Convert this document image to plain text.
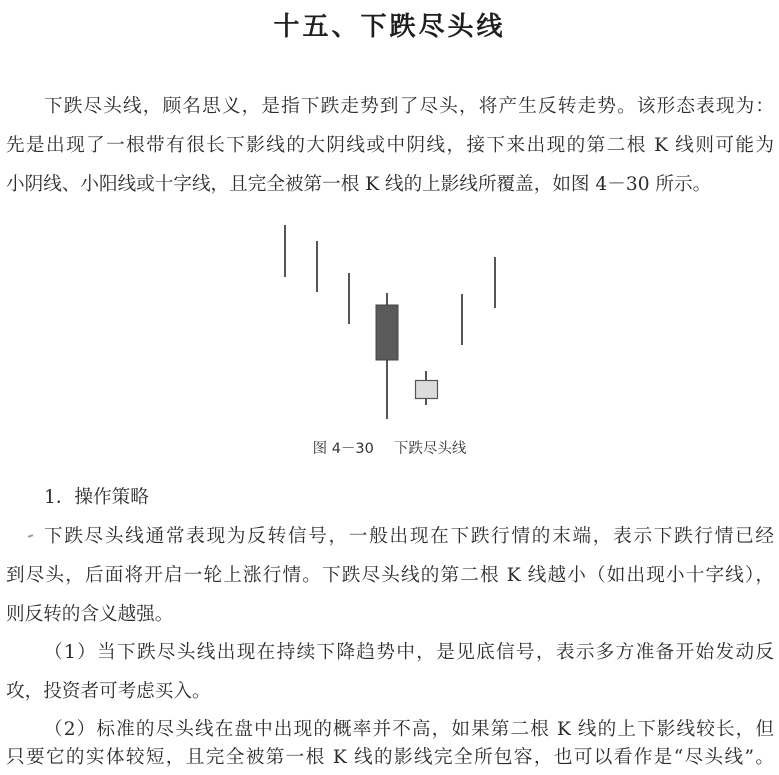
十五、下跌尽头线
下跌尽头线，顾名思义，是指下跌走势到了尽头，将产生反转走势。该形态表现为：
先是出现了一根带有很长下影线的大阴线或中阴线，接下来出现的第二根 K 线则可能为
小阴线、小阳线或十字线，且完全被第一根 K 线的上影线所覆盖，如图 4－30 所示。
图 4－30 下跌尽头线
1．操作策略
下跌尽头线通常表现为反转信号，一般出现在下跌行情的末端，表示下跌行情已经
到尽头，后面将开启一轮上涨行情。下跌尽头线的第二根 K 线越小（如出现小十字线），
则反转的含义越强。
（1）当下跌尽头线出现在持续下降趋势中，是见底信号，表示多方准备开始发动反
攻，投资者可考虑买入。
（2）标准的尽头线在盘中出现的概率并不高，如果第二根 K 线的上下影线较长，但
只要它的实体较短，且完全被第一根 K 线的影线完全所包容，也可以看作是“尽头线”。
